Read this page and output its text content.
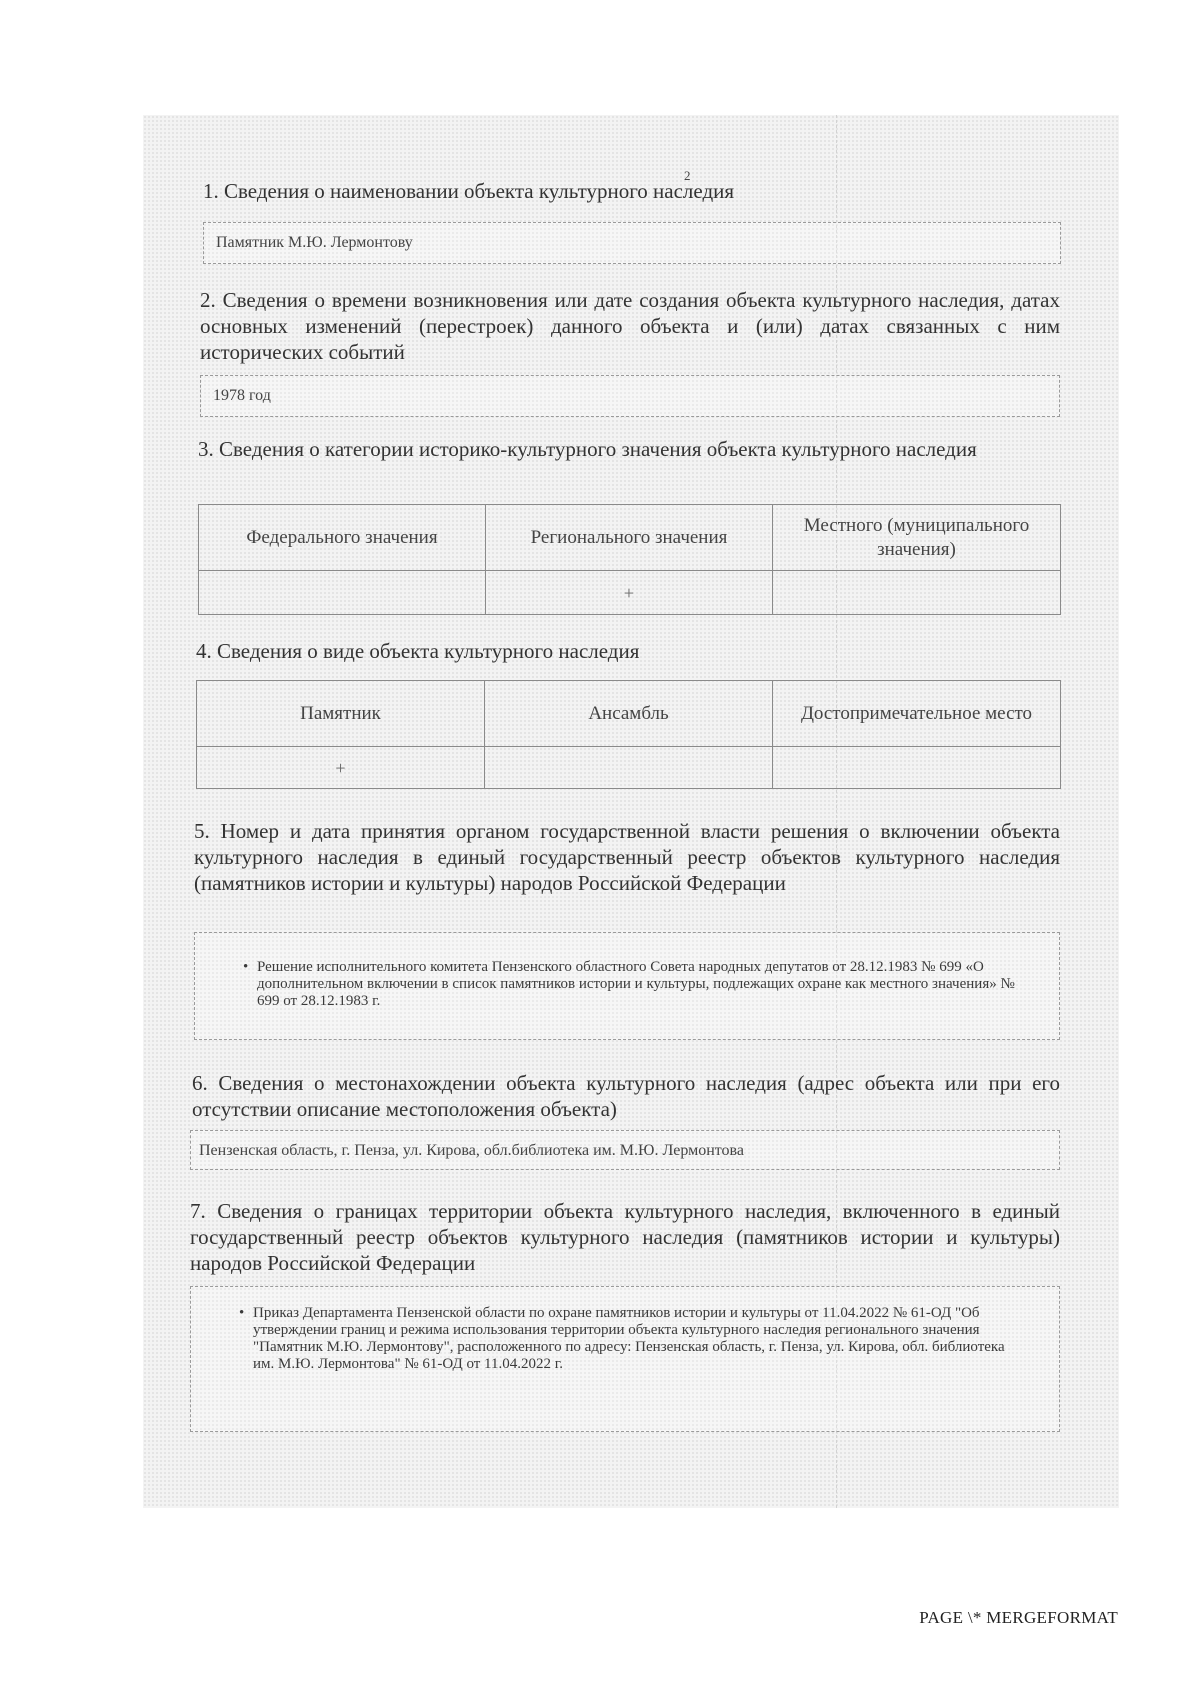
2

1. Сведения о наименовании объекта культурного наследия

Памятник М.Ю. Лермонтову

2. Сведения о времени возникновения или дате создания объекта культурного наследия, датах основных изменений (перестроек) данного объекта и (или) датах связанных с ним исторических событий

1978 год

3. Сведения о категории историко-культурного значения объекта культурного наследия

Федерального значения	Регионального значения	Местного (муниципального значения)
	+	

4. Сведения о виде объекта культурного наследия

Памятник	Ансамбль	Достопримечательное место
+		

5. Номер и дата принятия органом государственной власти решения о включении объекта культурного наследия в единый государственный реестр объектов культурного наследия (памятников истории и культуры) народов Российской Федерации

• Решение исполнительного комитета Пензенского областного Совета народных депутатов от 28.12.1983 № 699 «О дополнительном включении в список памятников истории и культуры, подлежащих охране как местного значения» № 699 от 28.12.1983 г.

6. Сведения о местонахождении объекта культурного наследия (адрес объекта или при его отсутствии описание местоположения объекта)

Пензенская область, г. Пенза, ул. Кирова, обл.библиотека им. М.Ю. Лермонтова

7. Сведения о границах территории объекта культурного наследия, включенного в единый государственный реестр объектов культурного наследия (памятников истории и культуры) народов Российской Федерации

• Приказ Департамента Пензенской области по охране памятников истории и культуры от 11.04.2022 № 61-ОД "Об утверждении границ и режима использования территории объекта культурного наследия регионального значения "Памятник М.Ю. Лермонтову", расположенного по адресу: Пензенская область, г. Пенза, ул. Кирова, обл. библиотека им. М.Ю. Лермонтова" № 61-ОД от 11.04.2022 г.
PAGE \* MERGEFORMAT
